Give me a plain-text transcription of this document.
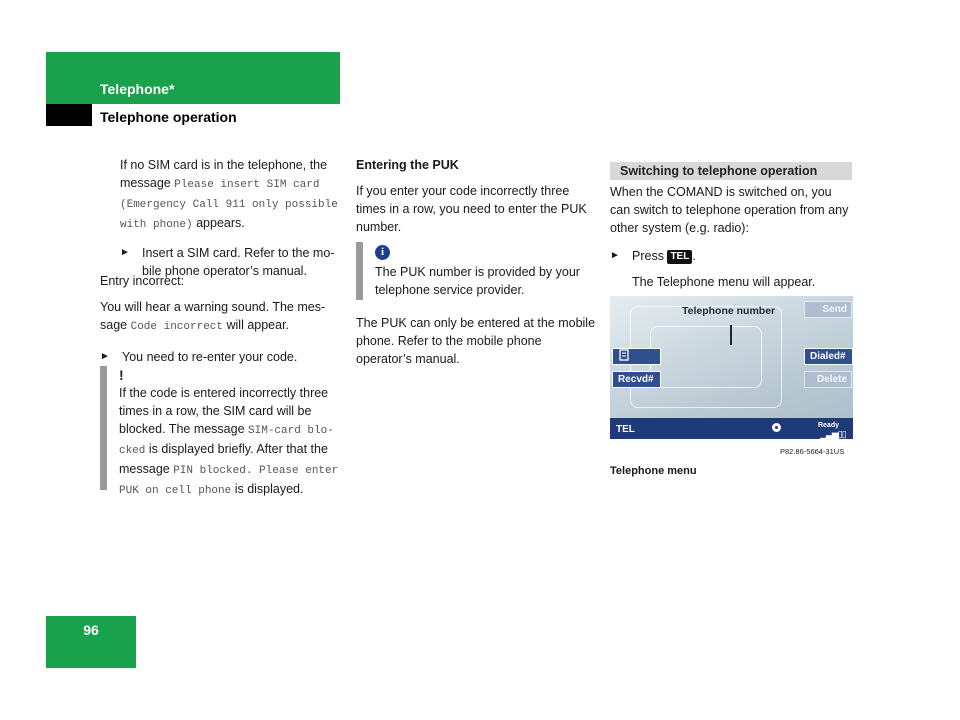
Telephone*
Telephone operation

If no SIM card is in the telephone, the message Please insert SIM card (Emergency Call 911 only possible with phone) appears.

► Insert a SIM card. Refer to the mo-bile phone operator’s manual.

Entry incorrect:

You will hear a warning sound. The mes-sage Code incorrect will appear.

► You need to re-enter your code.

!

If the code is entered incorrectly three times in a row, the SIM card will be blocked. The message SIM-card blo-cked is displayed briefly. After that the message PIN blocked. Please enter PUK on cell phone is displayed.

Entering the PUK

If you enter your code incorrectly three times in a row, you need to enter the PUK number.

i

The PUK number is provided by your telephone service provider.

The PUK can only be entered at the mobile phone. Refer to the mobile phone operator’s manual.

Switching to telephone operation

When the COMAND is switched on, you can switch to telephone operation from any other system (e.g. radio):

► Press TEL .

The Telephone menu will appear.

Telephone number	Send
Dialed#
Recvd#	Delete
TEL	Ready
▁▃▅▯▯
P82.86-5664-31US
Telephone menu
96
